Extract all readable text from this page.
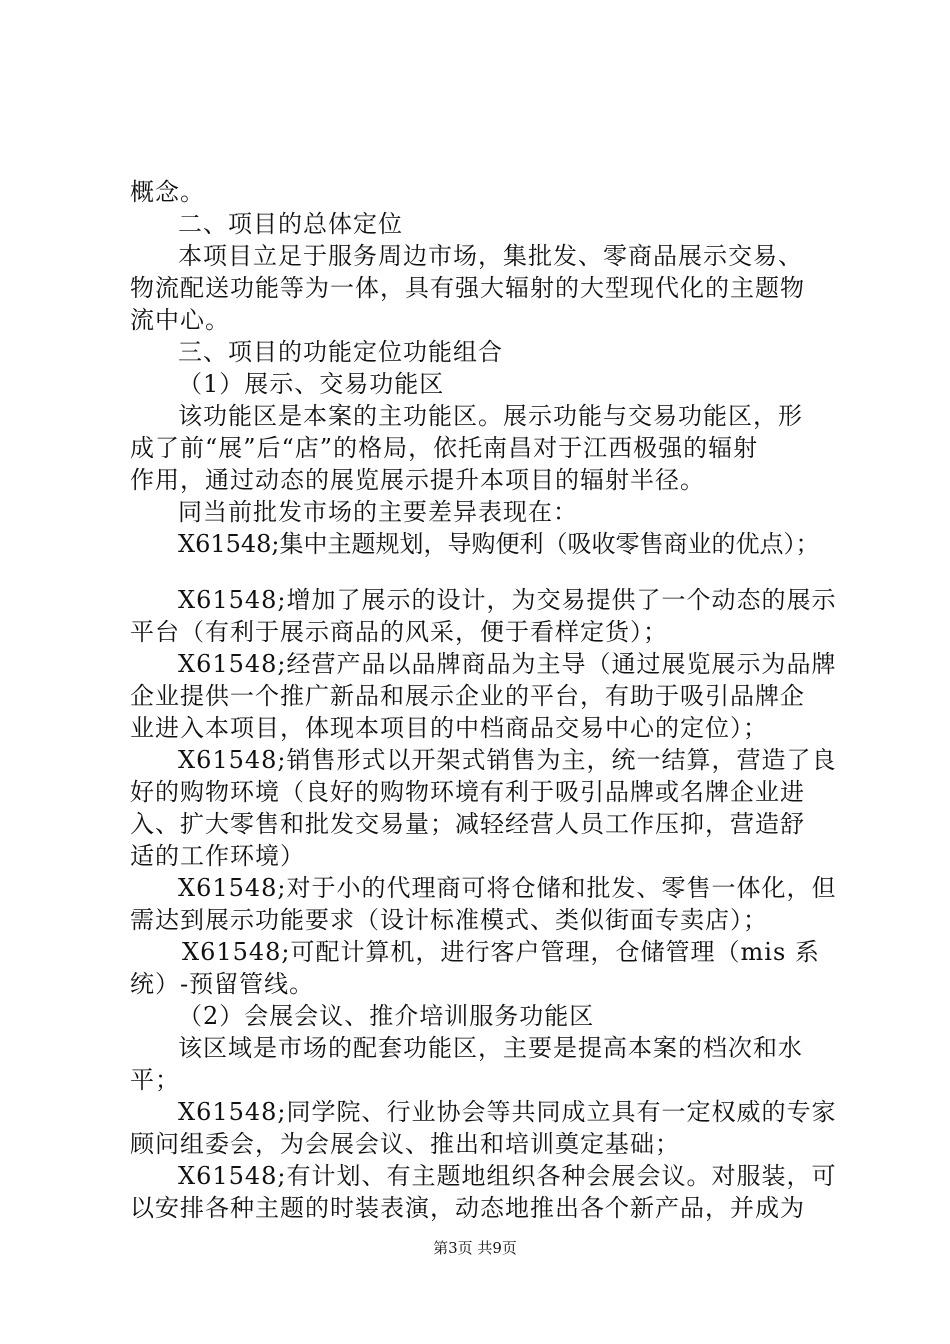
概念。
二、项目的总体定位
本项目立足于服务周边市场，集批发、零商品展示交易、
物流配送功能等为一体，具有强大辐射的大型现代化的主题物
流中心。
三、项目的功能定位功能组合
（1）展示、交易功能区
该功能区是本案的主功能区。展示功能与交易功能区，形
成了前“展”后“店”的格局，依托南昌对于江西极强的辐射
作用，通过动态的展览展示提升本项目的辐射半径。
同当前批发市场的主要差异表现在：
X61548;集中主题规划，导购便利（吸收零售商业的优点）；
X61548;增加了展示的设计，为交易提供了一个动态的展示
平台（有利于展示商品的风采，便于看样定货）；
X61548;经营产品以品牌商品为主导（通过展览展示为品牌
企业提供一个推广新品和展示企业的平台，有助于吸引品牌企
业进入本项目，体现本项目的中档商品交易中心的定位）；
X61548;销售形式以开架式销售为主，统一结算，营造了良
好的购物环境（良好的购物环境有利于吸引品牌或名牌企业进
入、扩大零售和批发交易量；减轻经营人员工作压抑，营造舒
适的工作环境）
X61548;对于小的代理商可将仓储和批发、零售一体化，但
需达到展示功能要求（设计标准模式、类似街面专卖店）；
X61548;可配计算机，进行客户管理，仓储管理（mis 系
统）-预留管线。
（2）会展会议、推介培训服务功能区
该区域是市场的配套功能区，主要是提高本案的档次和水
平；
X61548;同学院、行业协会等共同成立具有一定权威的专家
顾问组委会，为会展会议、推出和培训奠定基础；
X61548;有计划、有主题地组织各种会展会议。对服装，可
以安排各种主题的时装表演，动态地推出各个新产品，并成为
第3页 共9页
